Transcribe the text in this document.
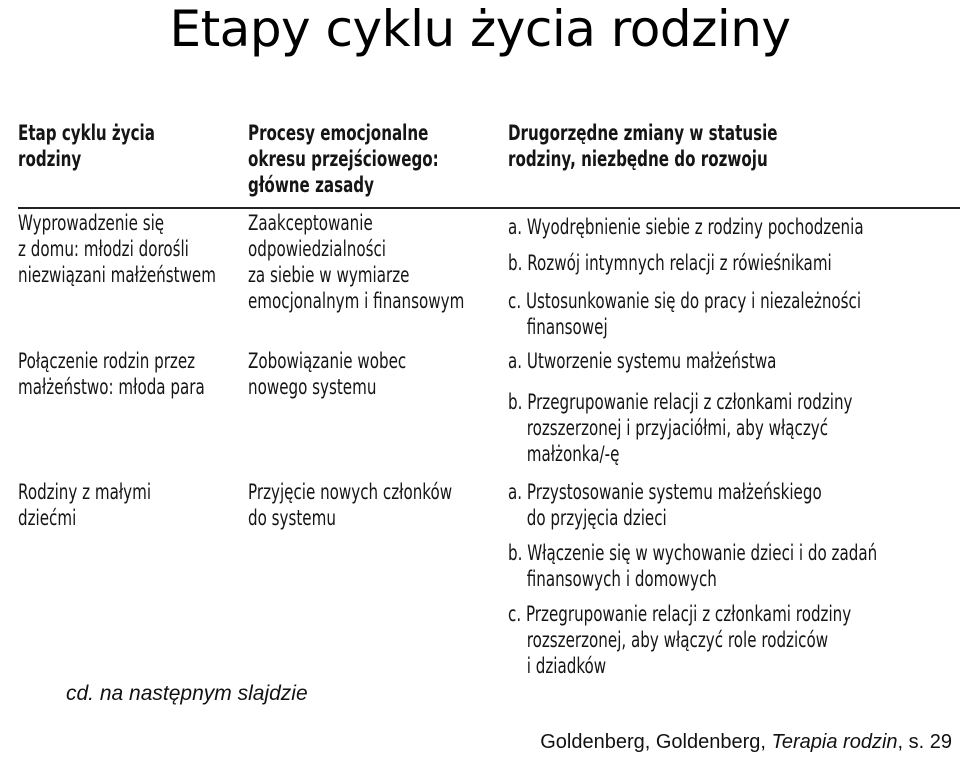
Etapy cyklu życia rodziny
Etap cyklu życia
rodziny
Procesy emocjonalne
okresu przejściowego:
główne zasady
Drugorzędne zmiany w statusie
rodziny, niezbędne do rozwoju
Wyprowadzenie się
z domu: młodzi dorośli
niezwiązani małżeństwem
Zaakceptowanie
odpowiedzialności
za siebie w wymiarze
emocjonalnym i finansowym
a. Wyodrębnienie siebie z rodziny pochodzenia
b. Rozwój intymnych relacji z rówieśnikami
c. Ustosunkowanie się do pracy i niezależności
finansowej
Połączenie rodzin przez
małżeństwo: młoda para
Zobowiązanie wobec
nowego systemu
a. Utworzenie systemu małżeństwa
b. Przegrupowanie relacji z członkami rodziny
rozszerzonej i przyjaciółmi, aby włączyć
małżonka/-ę
Rodziny z małymi
dziećmi
Przyjęcie nowych członków
do systemu
a. Przystosowanie systemu małżeńskiego
do przyjęcia dzieci
b. Włączenie się w wychowanie dzieci i do zadań
finansowych i domowych
c. Przegrupowanie relacji z członkami rodziny
rozszerzonej, aby włączyć role rodziców
i dziadków
cd. na następnym slajdzie
Goldenberg, Goldenberg, Terapia rodzin, s. 29
